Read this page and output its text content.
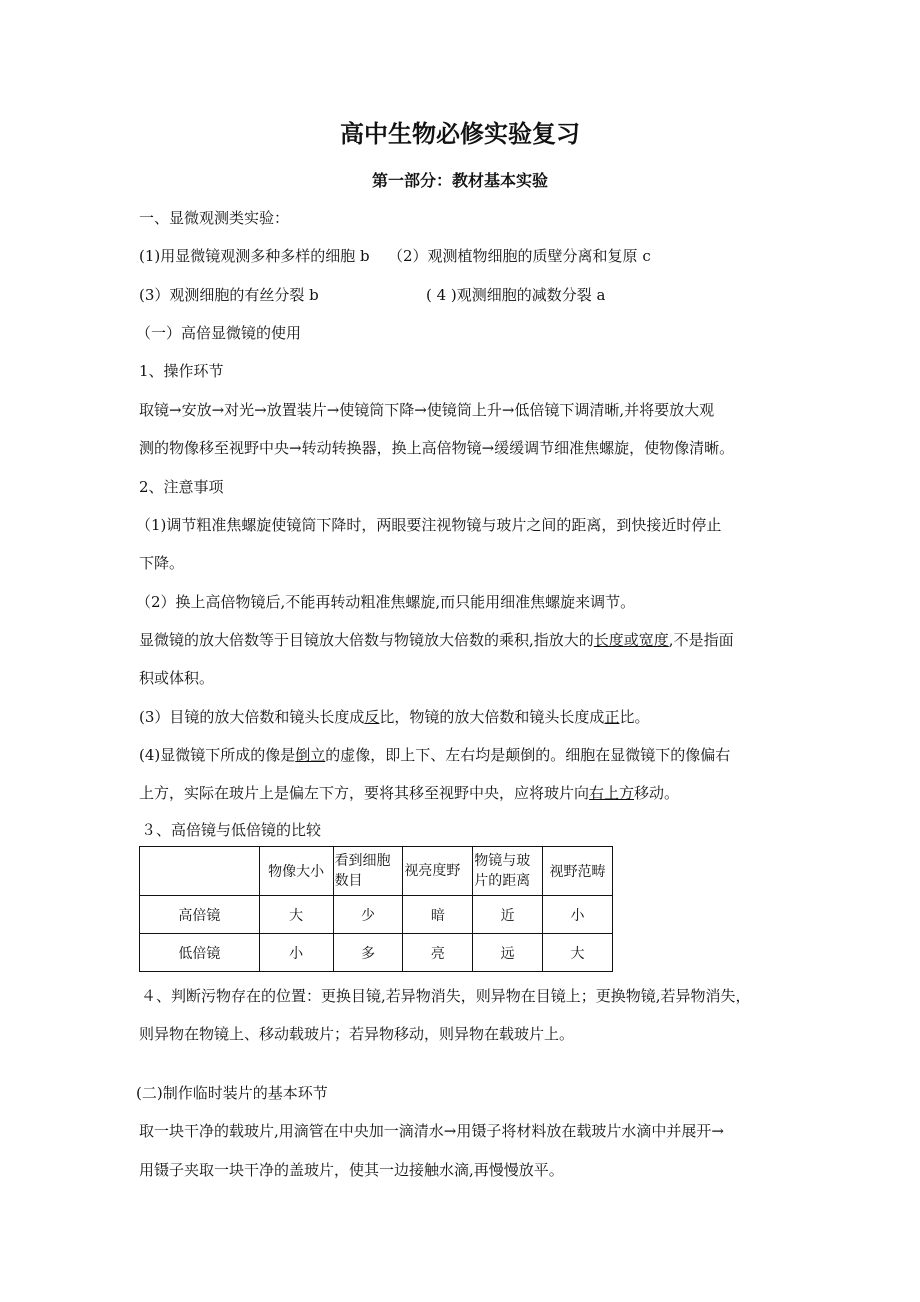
高中生物必修实验复习
第一部分：教材基本实验
一、显微观测类实验：
(1)用显微镜观测多种多样的细胞 b （2）观测植物细胞的质壁分离和复原 c
(3）观测细胞的有丝分裂 b	( 4 )观测细胞的减数分裂 a
（一）高倍显微镜的使用
1、操作环节
取镜→安放→对光→放置装片→使镜筒下降→使镜筒上升→低倍镜下调清晰,并将要放大观
测的物像移至视野中央→转动转换器，换上高倍物镜→缓缓调节细准焦螺旋，使物像清晰。
2、注意事项
（1)调节粗准焦螺旋使镜筒下降时，两眼要注视物镜与玻片之间的距离，到快接近时停止
下降。
（2）换上高倍物镜后,不能再转动粗准焦螺旋,而只能用细准焦螺旋来调节。
显微镜的放大倍数等于目镜放大倍数与物镜放大倍数的乘积,指放大的长度或宽度,不是指面
积或体积。
(3）目镜的放大倍数和镜头长度成反比，物镜的放大倍数和镜头长度成正比。
(4)显微镜下所成的像是倒立的虚像，即上下、左右均是颠倒的。细胞在显微镜下的像偏右
上方，实际在玻片上是偏左下方，要将其移至视野中央，应将玻片向右上方移动。
３、高倍镜与低倍镜的比较
	物像大小	看到细胞数目	视亮度野	物镜与玻片的距离	视野范畴
高倍镜	大	少	暗	近	小
低倍镜	小	多	亮	远	大
４、判断污物存在的位置：更换目镜,若异物消失，则异物在目镜上；更换物镜,若异物消失，
则异物在物镜上、移动载玻片；若异物移动，则异物在载玻片上。
(二)制作临时装片的基本环节
取一块干净的载玻片,用滴管在中央加一滴清水→用镊子将材料放在载玻片水滴中并展开→
用镊子夹取一块干净的盖玻片，使其一边接触水滴,再慢慢放平。
